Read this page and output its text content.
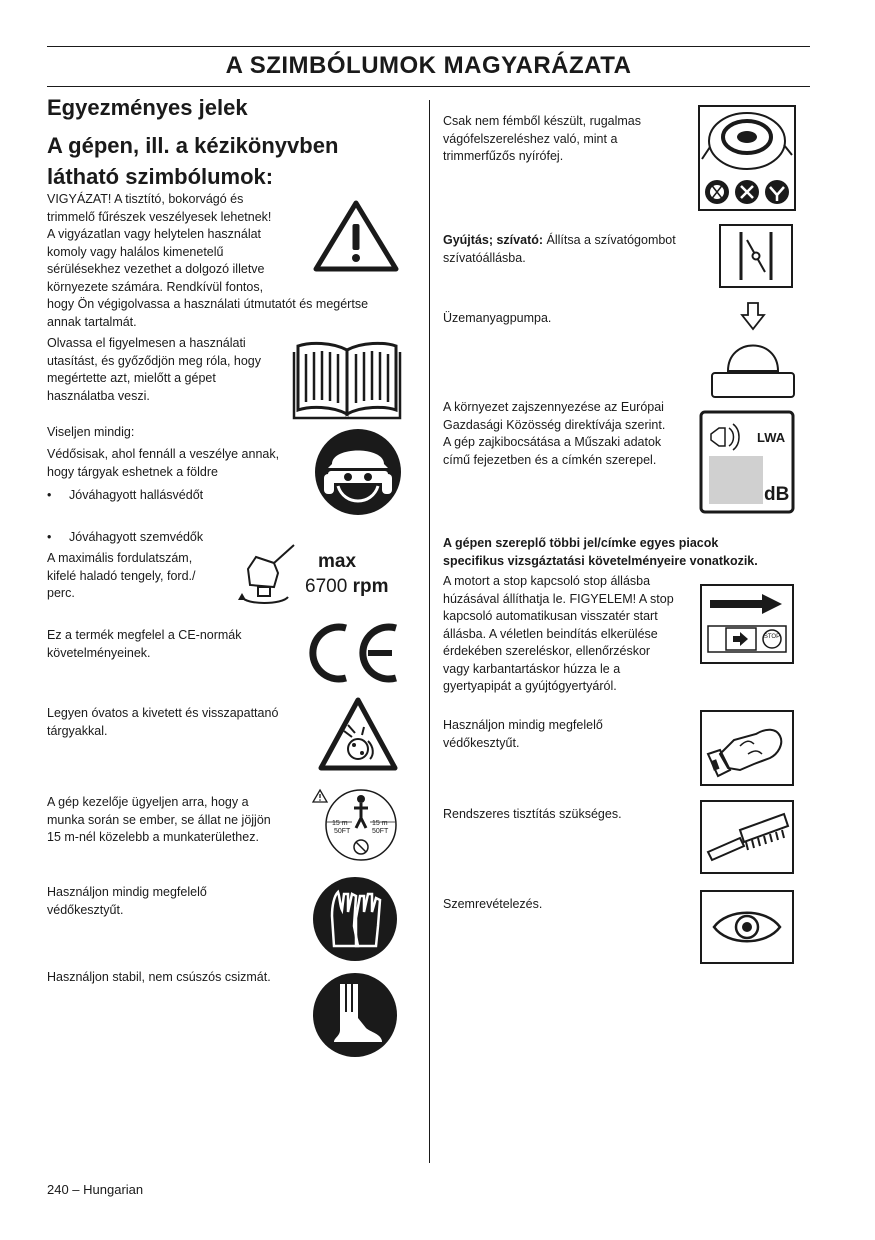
A SZIMBÓLUMOK MAGYARÁZATA
Egyezményes jelek
A gépen, ill. a kézikönyvben
látható szimbólumok:
VIGYÁZAT! A tisztító, bokorvágó és
trimmelő fűrészek veszélyesek lehetnek!
A vigyázatlan vagy helytelen használat
komoly vagy halálos kimenetelű
sérülésekhez vezethet a dolgozó illetve
környezete számára. Rendkívül fontos,
hogy Ön végigolvassa a használati útmutatót és megértse
annak tartalmát.
Olvassa el figyelmesen a használati
utasítást, és győződjön meg róla, hogy
megértette azt, mielőtt a gépet
használatba veszi.
Viseljen mindig:
Védősisak, ahol fennáll a veszélye annak,
hogy tárgyak eshetnek a földre
• Jóváhagyott hallásvédőt
• Jóváhagyott szemvédők
A maximális fordulatszám,
kifelé haladó tengely, ford./
perc.
max
6700 rpm
Ez a termék megfelel a CE-normák
követelményeinek.
Legyen óvatos a kivetett és visszapattanó
tárgyakkal.
A gép kezelője ügyeljen arra, hogy a
munka során se ember, se állat ne jöjjön
15 m-nél közelebb a munkaterülethez.
15 m
50FT
15 m
50FT
Használjon mindig megfelelő
védőkesztyűt.
Használjon stabil, nem csúszós csizmát.
Csak nem fémből készült, rugalmas
vágófelszereléshez való, mint a
trimmerfűzős nyírófej.
Gyújtás; szívató: Állítsa a szívatógombot
szívatóállásba.
Üzemanyagpumpa.
A környezet zajszennyezése az Európai
Gazdasági Közösség direktívája szerint.
A gép zajkibocsátása a Műszaki adatok
című fejezetben és a címkén szerepel.
LWA
dB
A gépen szereplő többi jel/címke egyes piacok
specifikus vizsgáztatási követelményeire vonatkozik.
A motort a stop kapcsoló stop állásba
húzásával állíthatja le. FIGYELEM! A stop
kapcsoló automatikusan visszatér start
állásba. A véletlen beindítás elkerülése
érdekében szereléskor, ellenőrzéskor
vagy karbantartáskor húzza le a
gyertyapipát a gyújtógyertyáról.
STOP
Használjon mindig megfelelő
védőkesztyűt.
Rendszeres tisztítás szükséges.
Szemrevételezés.
240 – Hungarian
